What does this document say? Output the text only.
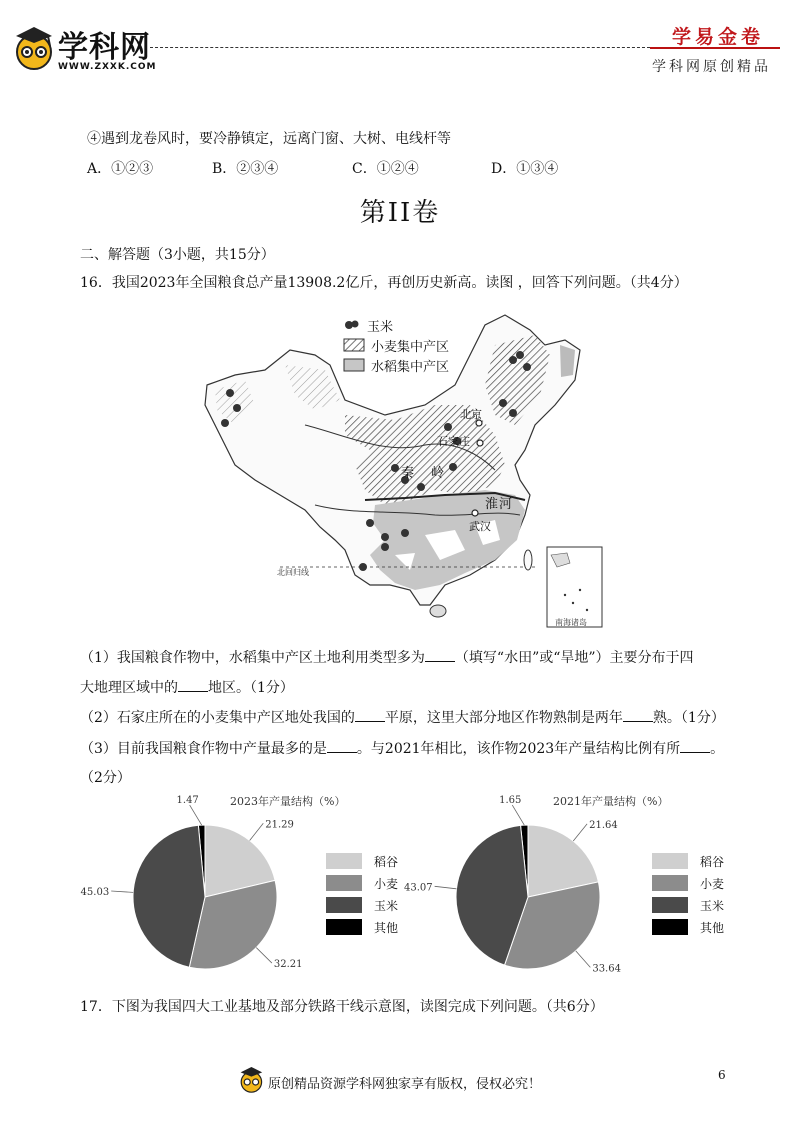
学科网
WWW.ZXXK.COM
学易金卷
学科网原创精品
④遇到龙卷风时，要冷静镇定，远离门窗、大树、电线杆等
A．①②③	B．②③④	C．①②④	D．①③④
第II卷
二、解答题（3小题，共15分）
16．我国2023年全国粮食总产量13908.2亿斤，再创历史新高。读图 ，回答下列问题。（共4分）
北京
石家庄
秦 岭
淮 河
武汉
北回归线
南海诸岛
玉米
小麦集中产区
水稻集中产区
（1）我国粮食作物中，水稻集中产区土地利用类型多为 （填写“水田”或“旱地”）主要分布于四
大地理区域中的 地区。（1分）
（2）石家庄所在的小麦集中产区地处我国的 平原，这里大部分地区作物熟制是两年 熟。（1分）
（3）目前我国粮食作物中产量最多的是 。与2021年相比，该作物2023年产量结构比例有所 。
（2分）
2023年产量结构（%）
1.47
21.29
32.21
45.03
2021年产量结构（%）
1.65
21.64
33.64
43.07
稻谷
小麦
玉米
其他
稻谷
小麦
玉米
其他
17．下图为我国四大工业基地及部分铁路干线示意图，读图完成下列问题。（共6分）
原创精品资源学科网独家享有版权，侵权必究！
6
